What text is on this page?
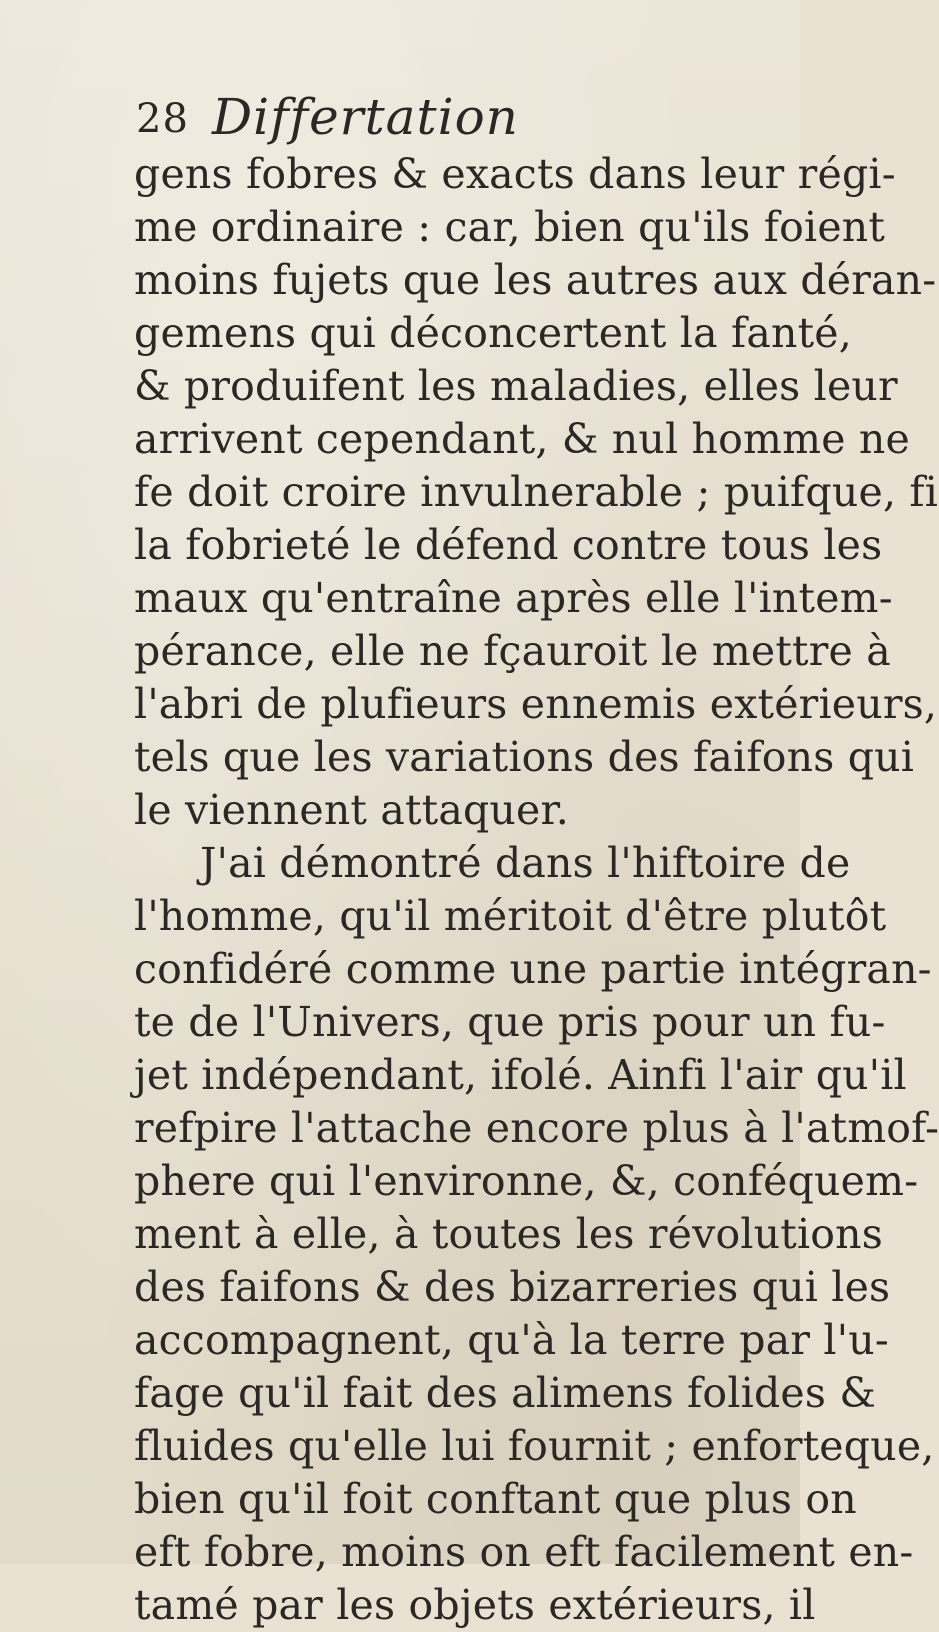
28 Differtation
gens fobres & exacts dans leur régi-
me ordinaire : car, bien qu'ils foient
moins fujets que les autres aux déran-
gemens qui déconcertent la fanté,
& produifent les maladies, elles leur
arrivent cependant, & nul homme ne
fe doit croire invulnerable ; puifque, fi
la fobrieté le défend contre tous les
maux qu'entraîne après elle l'intem-
pérance, elle ne fçauroit le mettre à
l'abri de plufieurs ennemis extérieurs,
tels que les variations des faifons qui
le viennent attaquer.
J'ai démontré dans l'hiftoire de
l'homme, qu'il méritoit d'être plutôt
confidéré comme une partie intégran-
te de l'Univers, que pris pour un fu-
jet indépendant, ifolé. Ainfi l'air qu'il
refpire l'attache encore plus à l'atmof-
phere qui l'environne, &, conféquem-
ment à elle, à toutes les révolutions
des faifons & des bizarreries qui les
accompagnent, qu'à la terre par l'u-
fage qu'il fait des alimens folides &
fluides qu'elle lui fournit ; enforteque,
bien qu'il foit conftant que plus on
eft fobre, moins on eft facilement en-
tamé par les objets extérieurs, il
